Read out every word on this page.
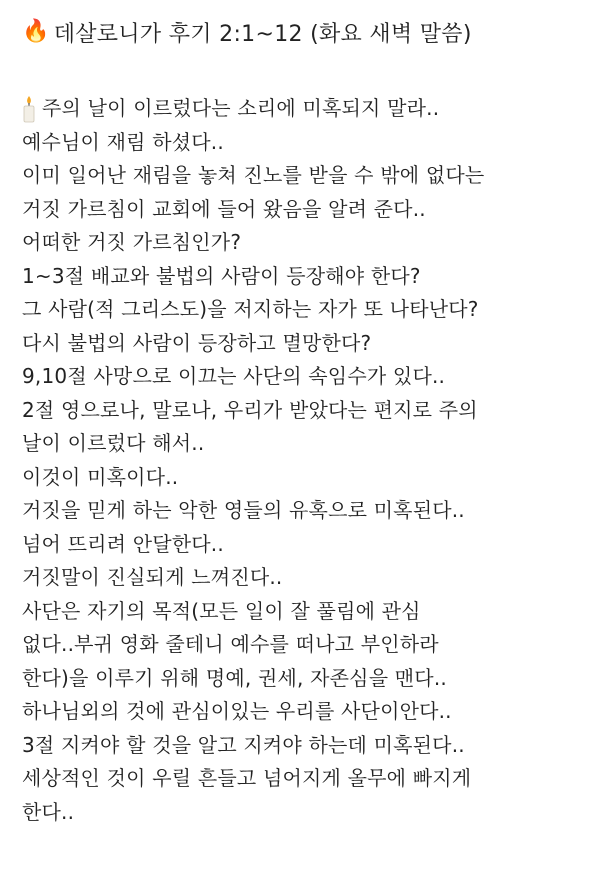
🔥 데살로니가 후기 2:1~12 (화요 새벽 말씀)
주의 날이 이르렀다는 소리에 미혹되지 말라..
예수님이 재림 하셨다..
이미 일어난 재림을 놓쳐 진노를 받을 수 밖에 없다는
거짓 가르침이 교회에 들어 왔음을 알려 준다..
어떠한 거짓 가르침인가?
1~3절 배교와 불법의 사람이 등장해야 한다?
그 사람(적 그리스도)을 저지하는 자가 또 나타난다?
다시 불법의 사람이 등장하고 멸망한다?
9,10절 사망으로 이끄는 사단의 속임수가 있다..
2절 영으로나, 말로나, 우리가 받았다는 편지로 주의
날이 이르렀다 해서..
이것이 미혹이다..
거짓을 믿게 하는 악한 영들의 유혹으로 미혹된다..
넘어 뜨리려 안달한다..
거짓말이 진실되게 느껴진다..
사단은 자기의 목적(모든 일이 잘 풀림에 관심
없다..부귀 영화 줄테니 예수를 떠나고 부인하라
한다)을 이루기 위해 명예, 권세, 자존심을 맨다..
하나님외의 것에 관심이있는 우리를 사단이안다..
3절 지켜야 할 것을 알고 지켜야 하는데 미혹된다..
세상적인 것이 우릴 흔들고 넘어지게 올무에 빠지게
한다..
